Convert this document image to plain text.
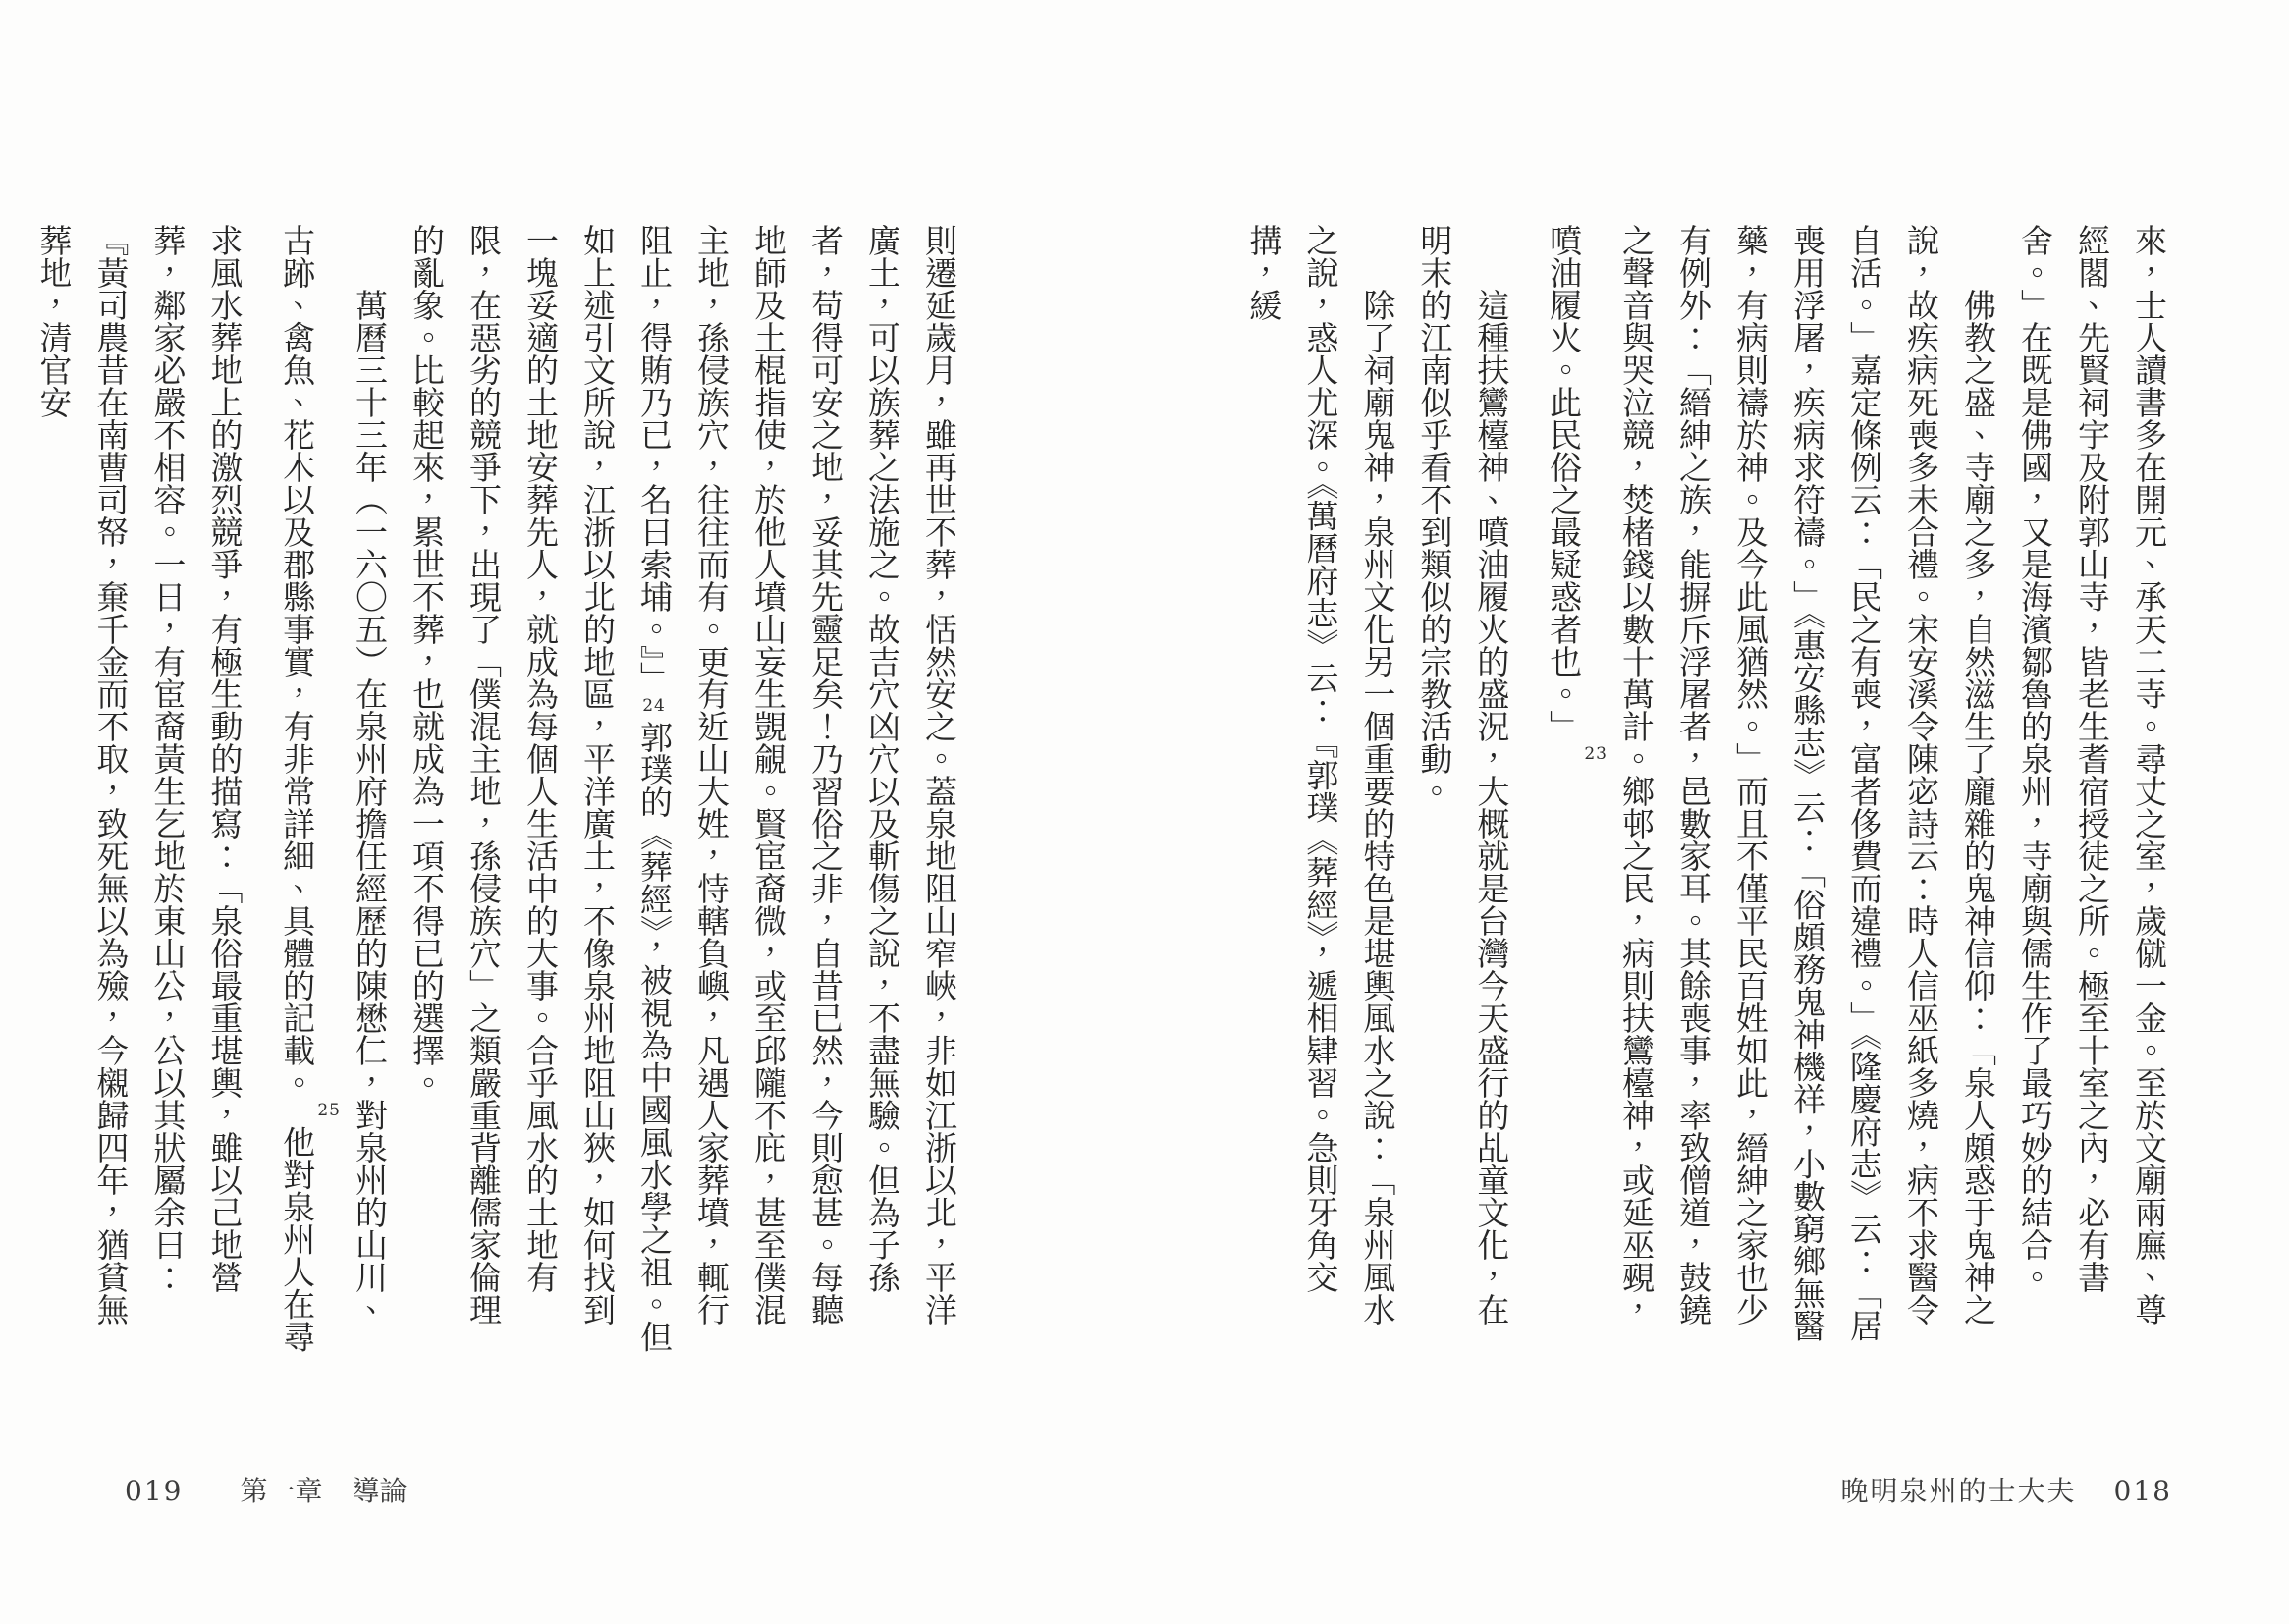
則遷延歲月，雖再世不葬，恬然安之。蓋泉地阻山窄峽，非如江浙以北，平洋廣土，可以族葬之法施之。故吉穴凶穴以及斬傷之說，不盡無驗。但為子孫者，苟得可安之地，妥其先靈足矣！乃習俗之非，自昔已然，今則愈甚。每聽地師及土棍指使，於他人墳山妄生覬覦。賢宦裔微，或至邱隴不庇，甚至僕混主地，孫侵族穴，往往而有。更有近山大姓，恃轄負嶼，凡遇人家葬墳，輒行阻止，得賄乃已，名曰索埔。』」24郭璞的《葬經》，被視為中國風水學之祖。但如上述引文所說，江浙以北的地區，平洋廣土，不像泉州地阻山狹，如何找到一塊妥適的土地安葬先人，就成為每個人生活中的大事。合乎風水的土地有限，在惡劣的競爭下，出現了「僕混主地，孫侵族穴」之類嚴重背離儒家倫理的亂象。比較起來，累世不葬，也就成為一項不得已的選擇。

萬曆三十三年（一六〇五）在泉州府擔任經歷的陳懋仁，對泉州的山川、古跡、禽魚、花木以及郡縣事實，有非常詳細、具體的記載。25他對泉州人在尋求風水葬地上的激烈競爭，有極生動的描寫：「泉俗最重堪輿，雖以己地營葬，鄰家必嚴不相容。一日，有宦裔黃生乞地於東山公，公以其狀屬余曰：『黃司農昔在南曹司帑，棄千金而不取，致死無以為殮，今櫬歸四年，猶貧無葬地，清官安

019 第一章 導論

來，士人讀書多在開元、承天二寺。尋丈之室，歲僦一金。至於文廟兩廡、尊經閣、先賢祠宇及附郭山寺，皆老生耆宿授徒之所。極至十室之內，必有書舍。」在既是佛國，又是海濱鄒魯的泉州，寺廟與儒生作了最巧妙的結合。

佛教之盛、寺廟之多，自然滋生了龐雜的鬼神信仰：「泉人頗惑于鬼神之說，故疾病死喪多未合禮。宋安溪令陳宓詩云：時人信巫紙多燒，病不求醫令自活。」嘉定條例云：「民之有喪，富者侈費而違禮。」《隆慶府志》云：「居喪用浮屠，疾病求符禱。」《惠安縣志》云：「俗頗務鬼神機祥，小數窮鄉無醫藥，有病則禱於神。及今此風猶然。」而且不僅平民百姓如此，縉紳之家也少有例外：「縉紳之族，能摒斥浮屠者，邑數家耳。其餘喪事，率致僧道，鼓鐃之聲音與哭泣競，焚楮錢以數十萬計。鄉邨之民，病則扶鸞檯神，或延巫覡，噴油履火。此民俗之最疑惑者也。」23

這種扶鸞檯神、噴油履火的盛況，大概就是台灣今天盛行的乩童文化，在明末的江南似乎看不到類似的宗教活動。

除了祠廟鬼神，泉州文化另一個重要的特色是堪輿風水之說：「泉州風水之說，惑人尤深。《萬曆府志》云：『郭璞《葬經》，遞相肄習。急則牙角交搆，緩

晚明泉州的士大夫 018
